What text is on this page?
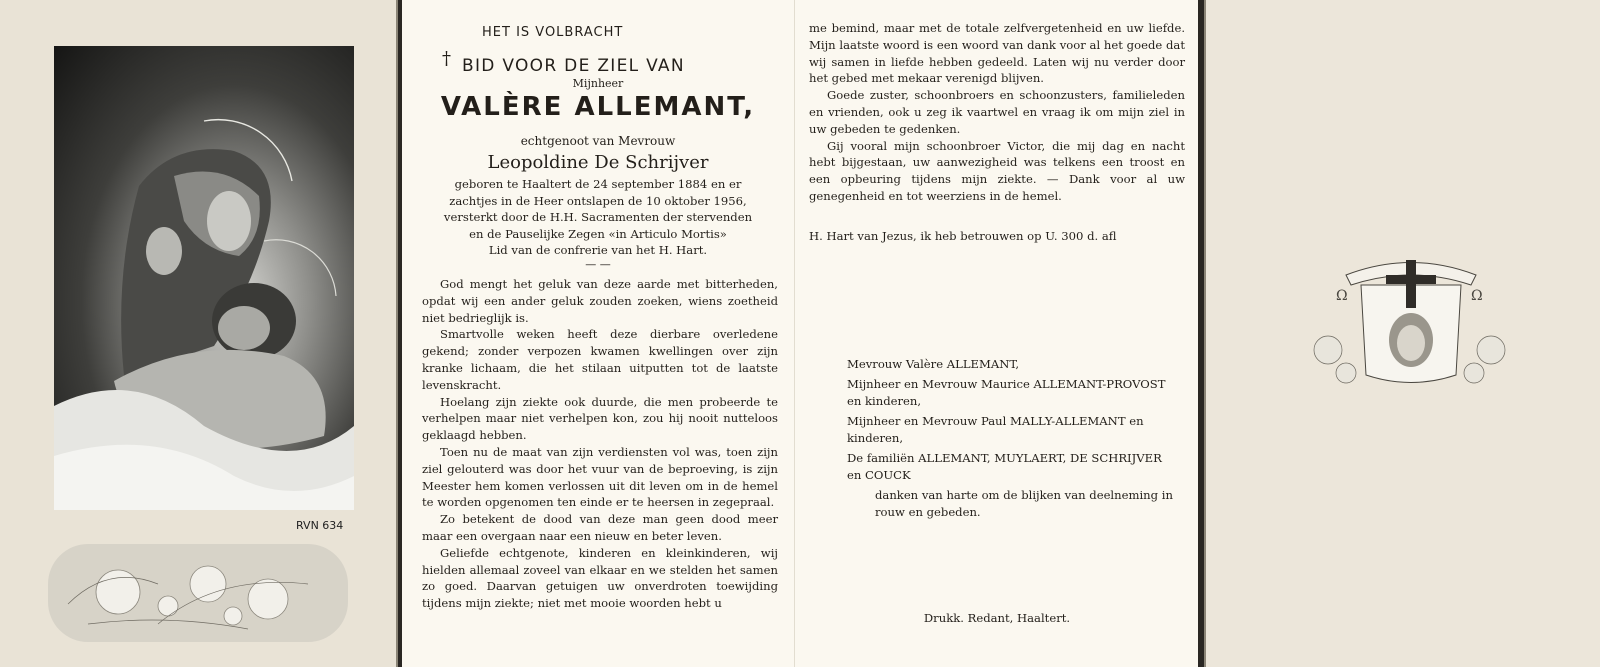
RVN 634
HET IS VOLBRACHT
† BID VOOR DE ZIEL VAN
Mijnheer
VALÈRE ALLEMANT,
echtgenoot van Mevrouw
Leopoldine De Schrijver
geboren te Haaltert de 24 september 1884 en er
zachtjes in de Heer ontslapen de 10 oktober 1956,
versterkt door de H.H. Sacramenten der stervenden
en de Pauselijke Zegen «in Articulo Mortis»
Lid van de confrerie van het H. Hart.
— —

God mengt het geluk van deze aarde met bitterheden, opdat wij een ander geluk zouden zoeken, wiens zoetheid niet bedrieglijk is.

Smartvolle weken heeft deze dierbare overledene gekend; zonder verpozen kwamen kwellingen over zijn kranke lichaam, die het stilaan uitputten tot de laatste levenskracht.

Hoelang zijn ziekte ook duurde, die men probeerde te verhelpen maar niet verhelpen kon, zou hij nooit nutteloos geklaagd hebben.

Toen nu de maat van zijn verdiensten vol was, toen zijn ziel gelouterd was door het vuur van de beproeving, is zijn Meester hem komen verlossen uit dit leven om in de hemel te worden opgenomen ten einde er te heersen in zegepraal.

Zo betekent de dood van deze man geen dood meer maar een overgaan naar een nieuw en beter leven.

Geliefde echtgenote, kinderen en kleinkinderen, wij hielden allemaal zoveel van elkaar en we stelden het samen zo goed. Daarvan getuigen uw onverdroten toewijding tijdens mijn ziekte; niet met mooie woorden hebt u

me bemind, maar met de totale zelfvergetenheid en uw liefde. Mijn laatste woord is een woord van dank voor al het goede dat wij samen in liefde hebben gedeeld. Laten wij nu verder door het gebed met mekaar verenigd blijven.

Goede zuster, schoonbroers en schoonzusters, familieleden en vrienden, ook u zeg ik vaartwel en vraag ik om mijn ziel in uw gebeden te gedenken.

Gij vooral mijn schoonbroer Victor, die mij dag en nacht hebt bijgestaan, uw aanwezigheid was telkens een troost en een opbeuring tijdens mijn ziekte. — Dank voor al uw genegenheid en tot weerziens in de hemel.

H. Hart van Jezus, ik heb betrouwen op U. 300 d. afl
Mevrouw Valère ALLEMANT,
Mijnheer en Mevrouw Maurice ALLEMANT-PROVOST en kinderen,
Mijnheer en Mevrouw Paul MALLY-ALLEMANT en kinderen,
De familiën ALLEMANT, MUYLAERT, DE SCHRIJVER en COUCK
danken van harte om de blijken van deelneming in rouw en gebeden.
Drukk. Redant, Haaltert.
Ω	Ω
